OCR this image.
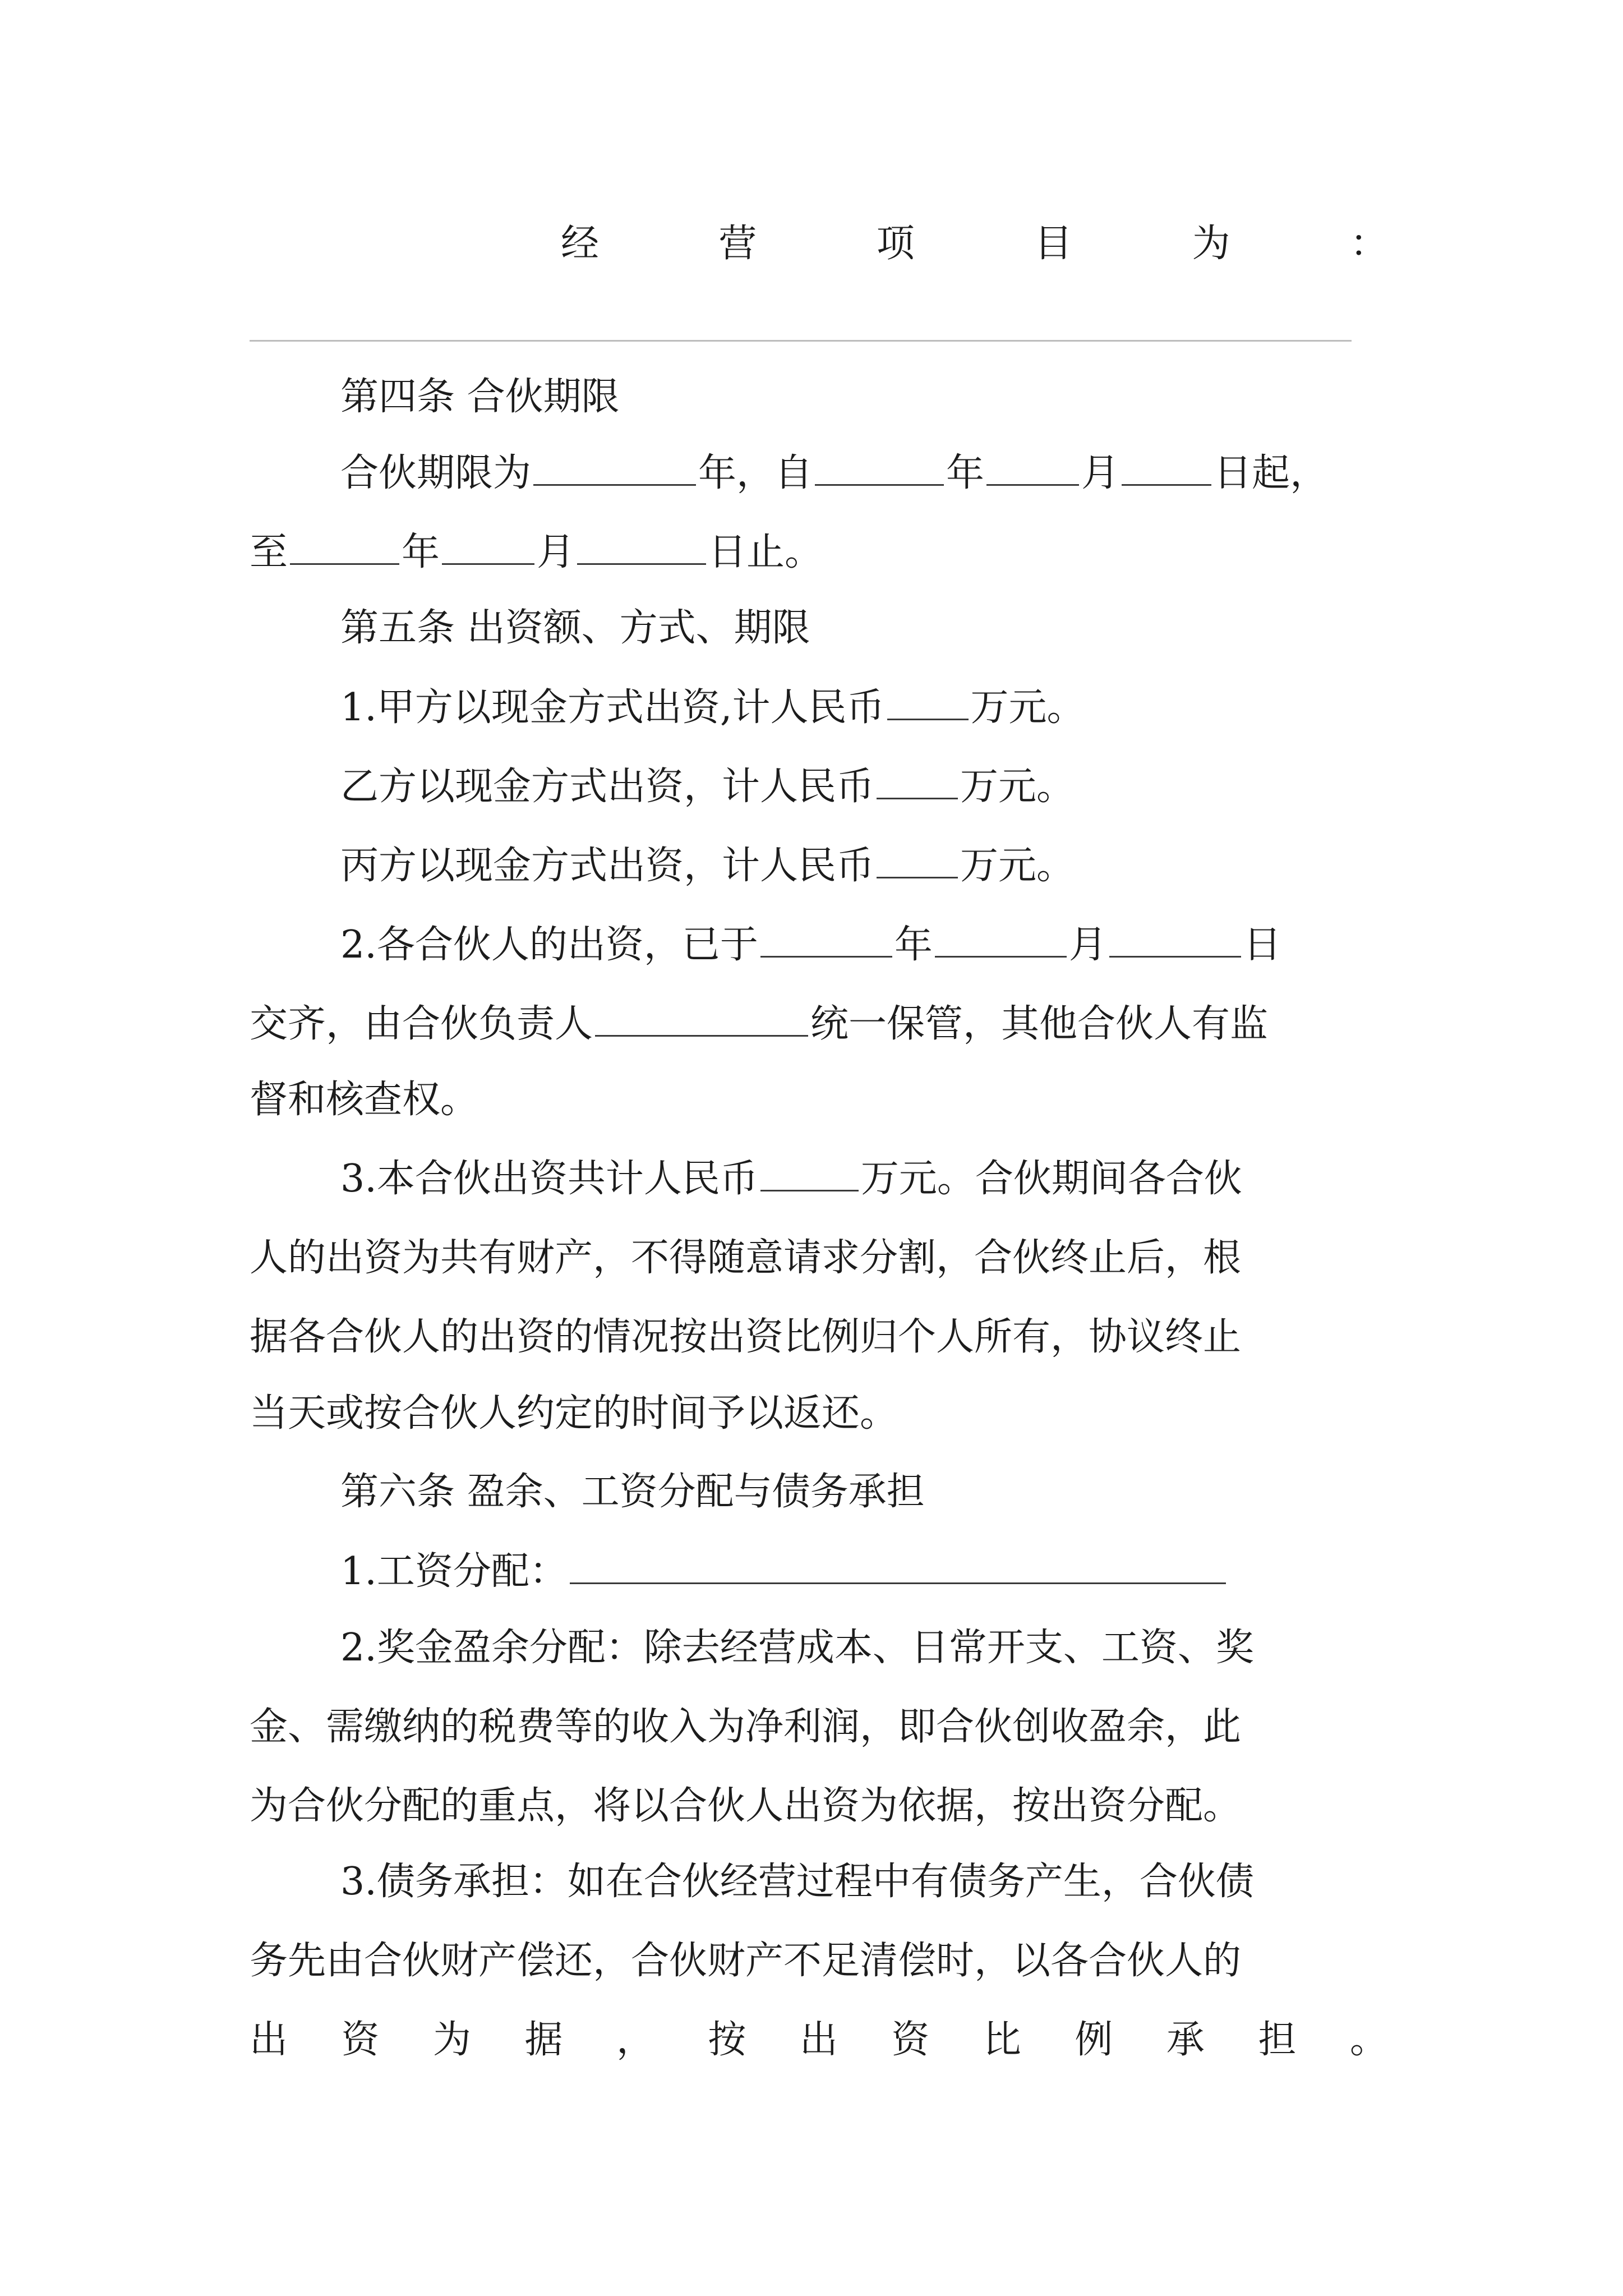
经	营	项	目	为	：
第四条 合伙期限
合伙期限为	年，自	年	月 日起，
至	年	月	日止。
第五条 出资额、方式、期限
1.甲方以现金方式出资,计人民币 万元。
乙方以现金方式出资，计人民币 万元。
丙方以现金方式出资，计人民币 万元。
2.各合伙人的出资，已于	年	月	日
交齐，由合伙负责人	统一保管，其他合伙人有监
督和核查权。
3.本合伙出资共计人民币	万元。合伙期间各合伙
人的出资为共有财产，不得随意请求分割，合伙终止后，根
据各合伙人的出资的情况按出资比例归个人所有，协议终止
当天或按合伙人约定的时间予以返还。
第六条 盈余、工资分配与债务承担
1.工资分配：
2.奖金盈余分配：除去经营成本、日常开支、工资、奖
金、需缴纳的税费等的收入为净利润，即合伙创收盈余，此
为合伙分配的重点，将以合伙人出资为依据，按出资分配。
3.债务承担：如在合伙经营过程中有债务产生，合伙债
务先由合伙财产偿还，合伙财产不足清偿时，以各合伙人的
出 资 为 据 ， 按 出 资 比 例 承 担 。
